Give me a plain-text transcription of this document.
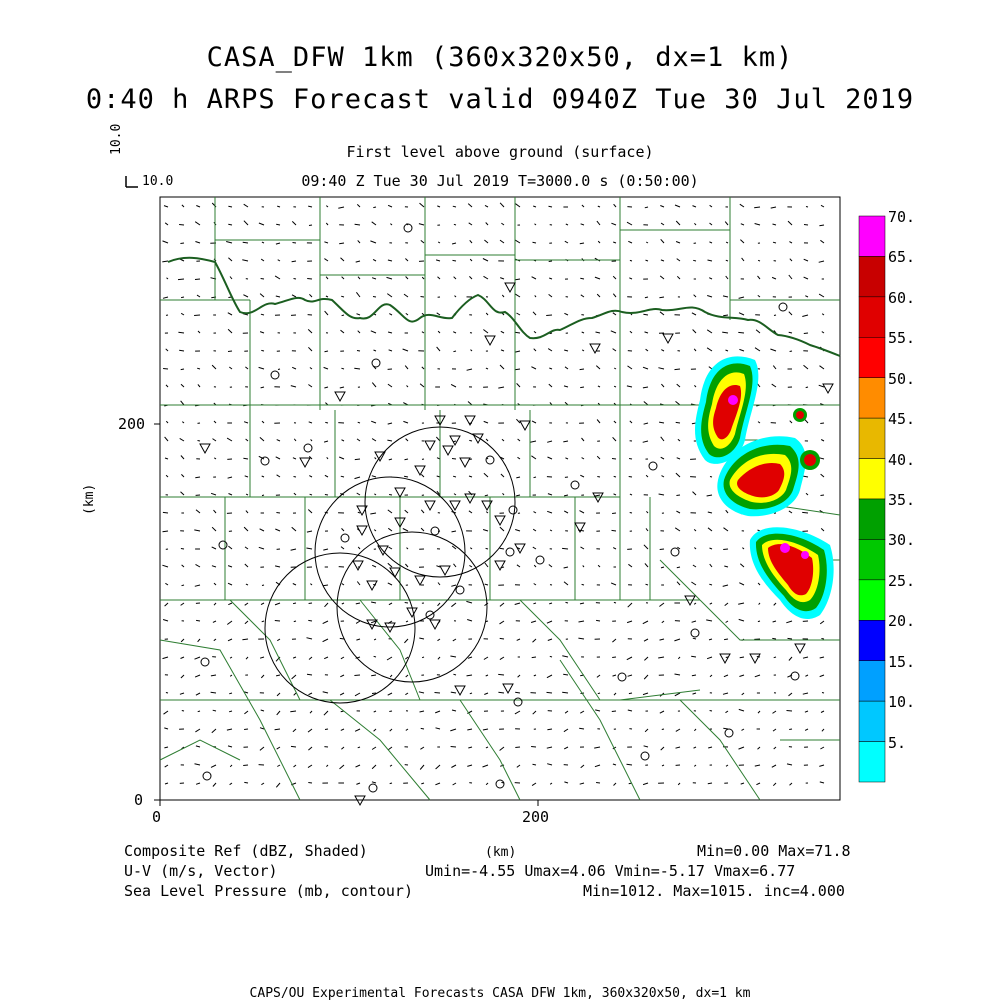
CASA_DFW 1km (360x320x50, dx=1 km)
0:40 h ARPS Forecast valid 0940Z Tue 30 Jul 2019
First level above ground (surface)
09:40 Z Tue 30 Jul 2019 T=3000.0 s (0:50:00)
10.0
10.0
0	200
0
200
(km)
70.
65.
60.
55.
50.
45.
40.
35.
30.
25.
20.
15.
10.
5.
Composite Ref (dBZ, Shaded)	Min=0.00 Max=71.8
U-V (m/s, Vector)	Umin=-4.55 Umax=4.06 Vmin=-5.17 Vmax=6.77
Sea Level Pressure (mb, contour)	Min=1012. Max=1015. inc=4.000
(km)
CAPS/OU Experimental Forecasts CASA DFW 1km, 360x320x50, dx=1 km
